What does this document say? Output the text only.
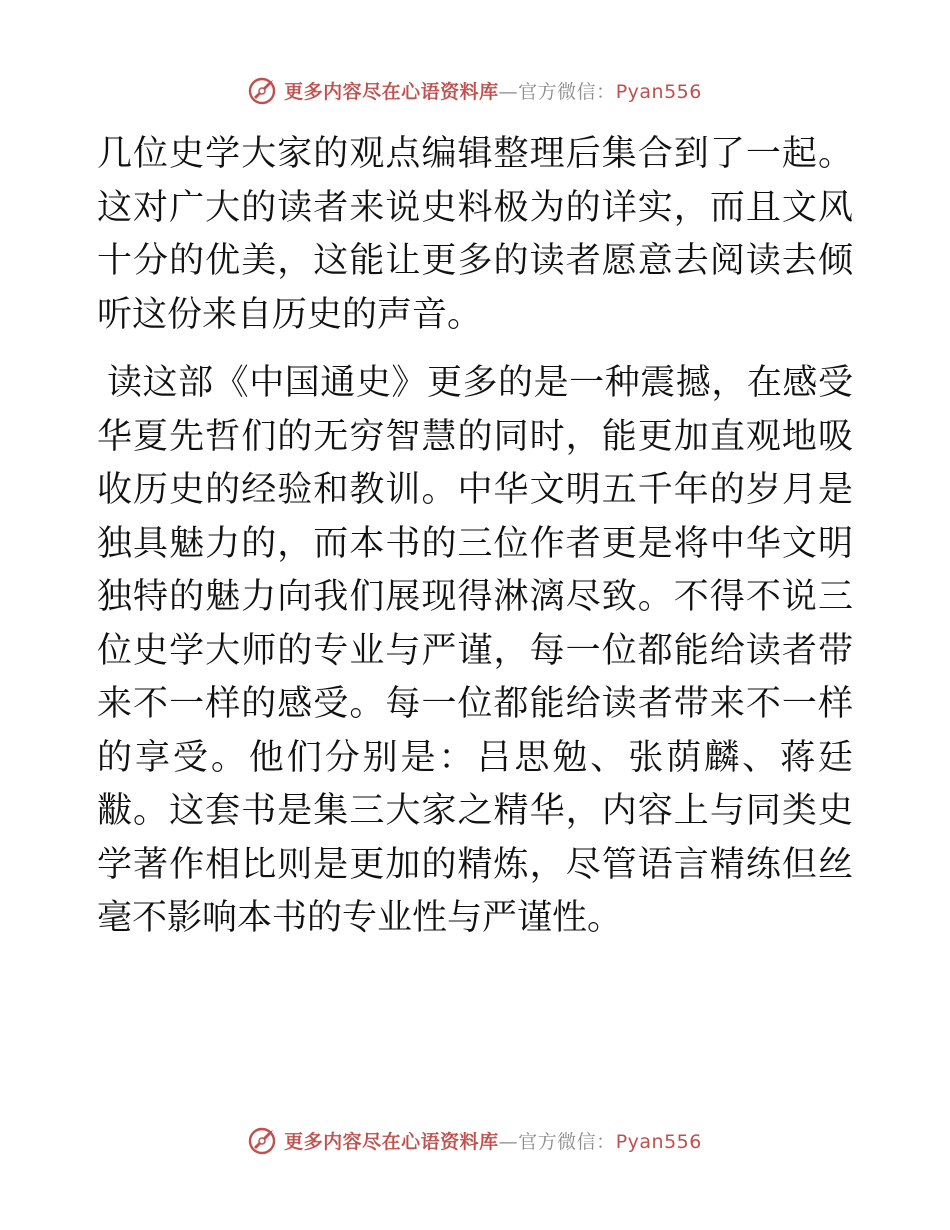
更多内容尽在心语资料库—官方微信：Pyan556

几位史学大家的观点编辑整理后集合到了一起。这对广大的读者来说史料极为的详实，而且文风十分的优美，这能让更多的读者愿意去阅读去倾听这份来自历史的声音。

读这部《中国通史》更多的是一种震撼，在感受华夏先哲们的无穷智慧的同时，能更加直观地吸收历史的经验和教训。中华文明五千年的岁月是独具魅力的，而本书的三位作者更是将中华文明独特的魅力向我们展现得淋漓尽致。不得不说三位史学大师的专业与严谨，每一位都能给读者带来不一样的感受。每一位都能给读者带来不一样的享受。他们分别是：吕思勉、张荫麟、蒋廷黻。这套书是集三大家之精华，内容上与同类史学著作相比则是更加的精炼，尽管语言精练但丝毫不影响本书的专业性与严谨性。

更多内容尽在心语资料库—官方微信：Pyan556
